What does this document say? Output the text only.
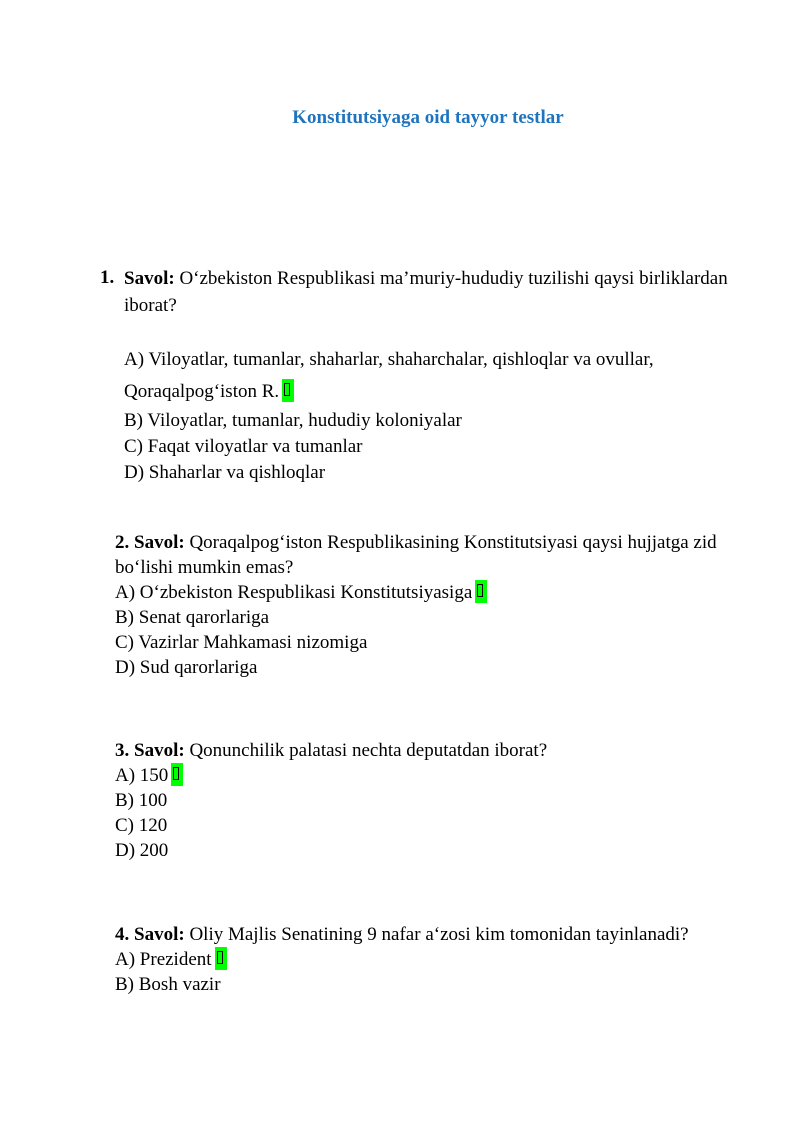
Konstitutsiyaga oid tayyor testlar
1. Savol: O‘zbekiston Respublikasi ma’muriy-hududiy tuzilishi qaysi birliklardan iborat?
A) Viloyatlar, tumanlar, shaharlar, shaharchalar, qishloqlar va ovullar, Qoraqalpog‘iston R.
B) Viloyatlar, tumanlar, hududiy koloniyalar
C) Faqat viloyatlar va tumanlar
D) Shaharlar va qishloqlar
2. Savol: Qoraqalpog‘iston Respublikasining Konstitutsiyasi qaysi hujjatga zid bo‘lishi mumkin emas?
A) O‘zbekiston Respublikasi Konstitutsiyasiga
B) Senat qarorlariga
C) Vazirlar Mahkamasi nizomiga
D) Sud qarorlariga
3. Savol: Qonunchilik palatasi nechta deputatdan iborat?
A) 150
B) 100
C) 120
D) 200
4. Savol: Oliy Majlis Senatining 9 nafar a‘zosi kim tomonidan tayinlanadi?
A) Prezident
B) Bosh vazir
